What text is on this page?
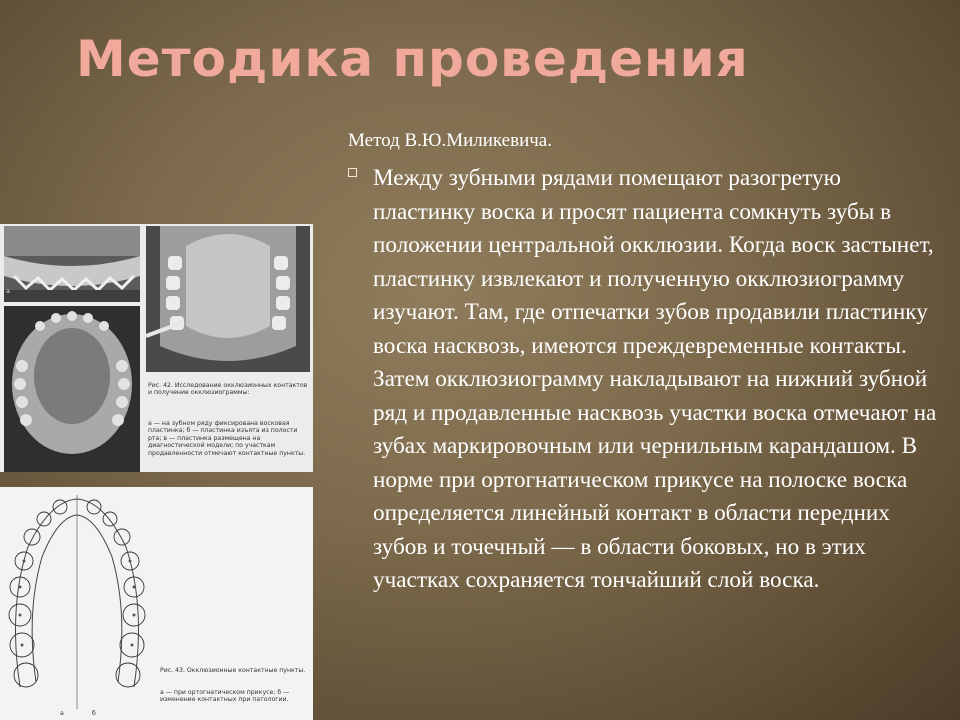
Методика проведения
Метод В.Ю.Миликевича.

Между зубными рядами помещают разогретую пластинку воска и просят пациента сомкнуть зубы в положении центральной окклюзии. Когда воск застынет, пластинку извлекают и полученную окклюзиограмму изучают. Там, где отпечатки зубов продавили пластинку воска насквозь, имеются преждевременные контакты. Затем окклюзиограмму накладывают на нижний зубной ряд и продавленные насквозь участки воска отмечают на зубах маркировочным или чернильным карандашом. В норме при ортогнатическом прикусе на полоске воска определяется линейный контакт в области передних зубов и точечный — в области боковых, но в этих участках сохраняется тончайший слой воска.

а
Рис. 42. Исследование окклюзионных контактов и получение окклюзиограммы:
а — на зубном ряду фиксирована восковая пластинка; б — пластинка изъята из полости рта; в — пластинка размещена на диагностической модели; по участкам продавленности отмечают контактные пункты.
а	б
Рис. 43. Окклюзионные контактные пункты.
а — при ортогнатическом прикусе; б — изменение контактных при патологии.
